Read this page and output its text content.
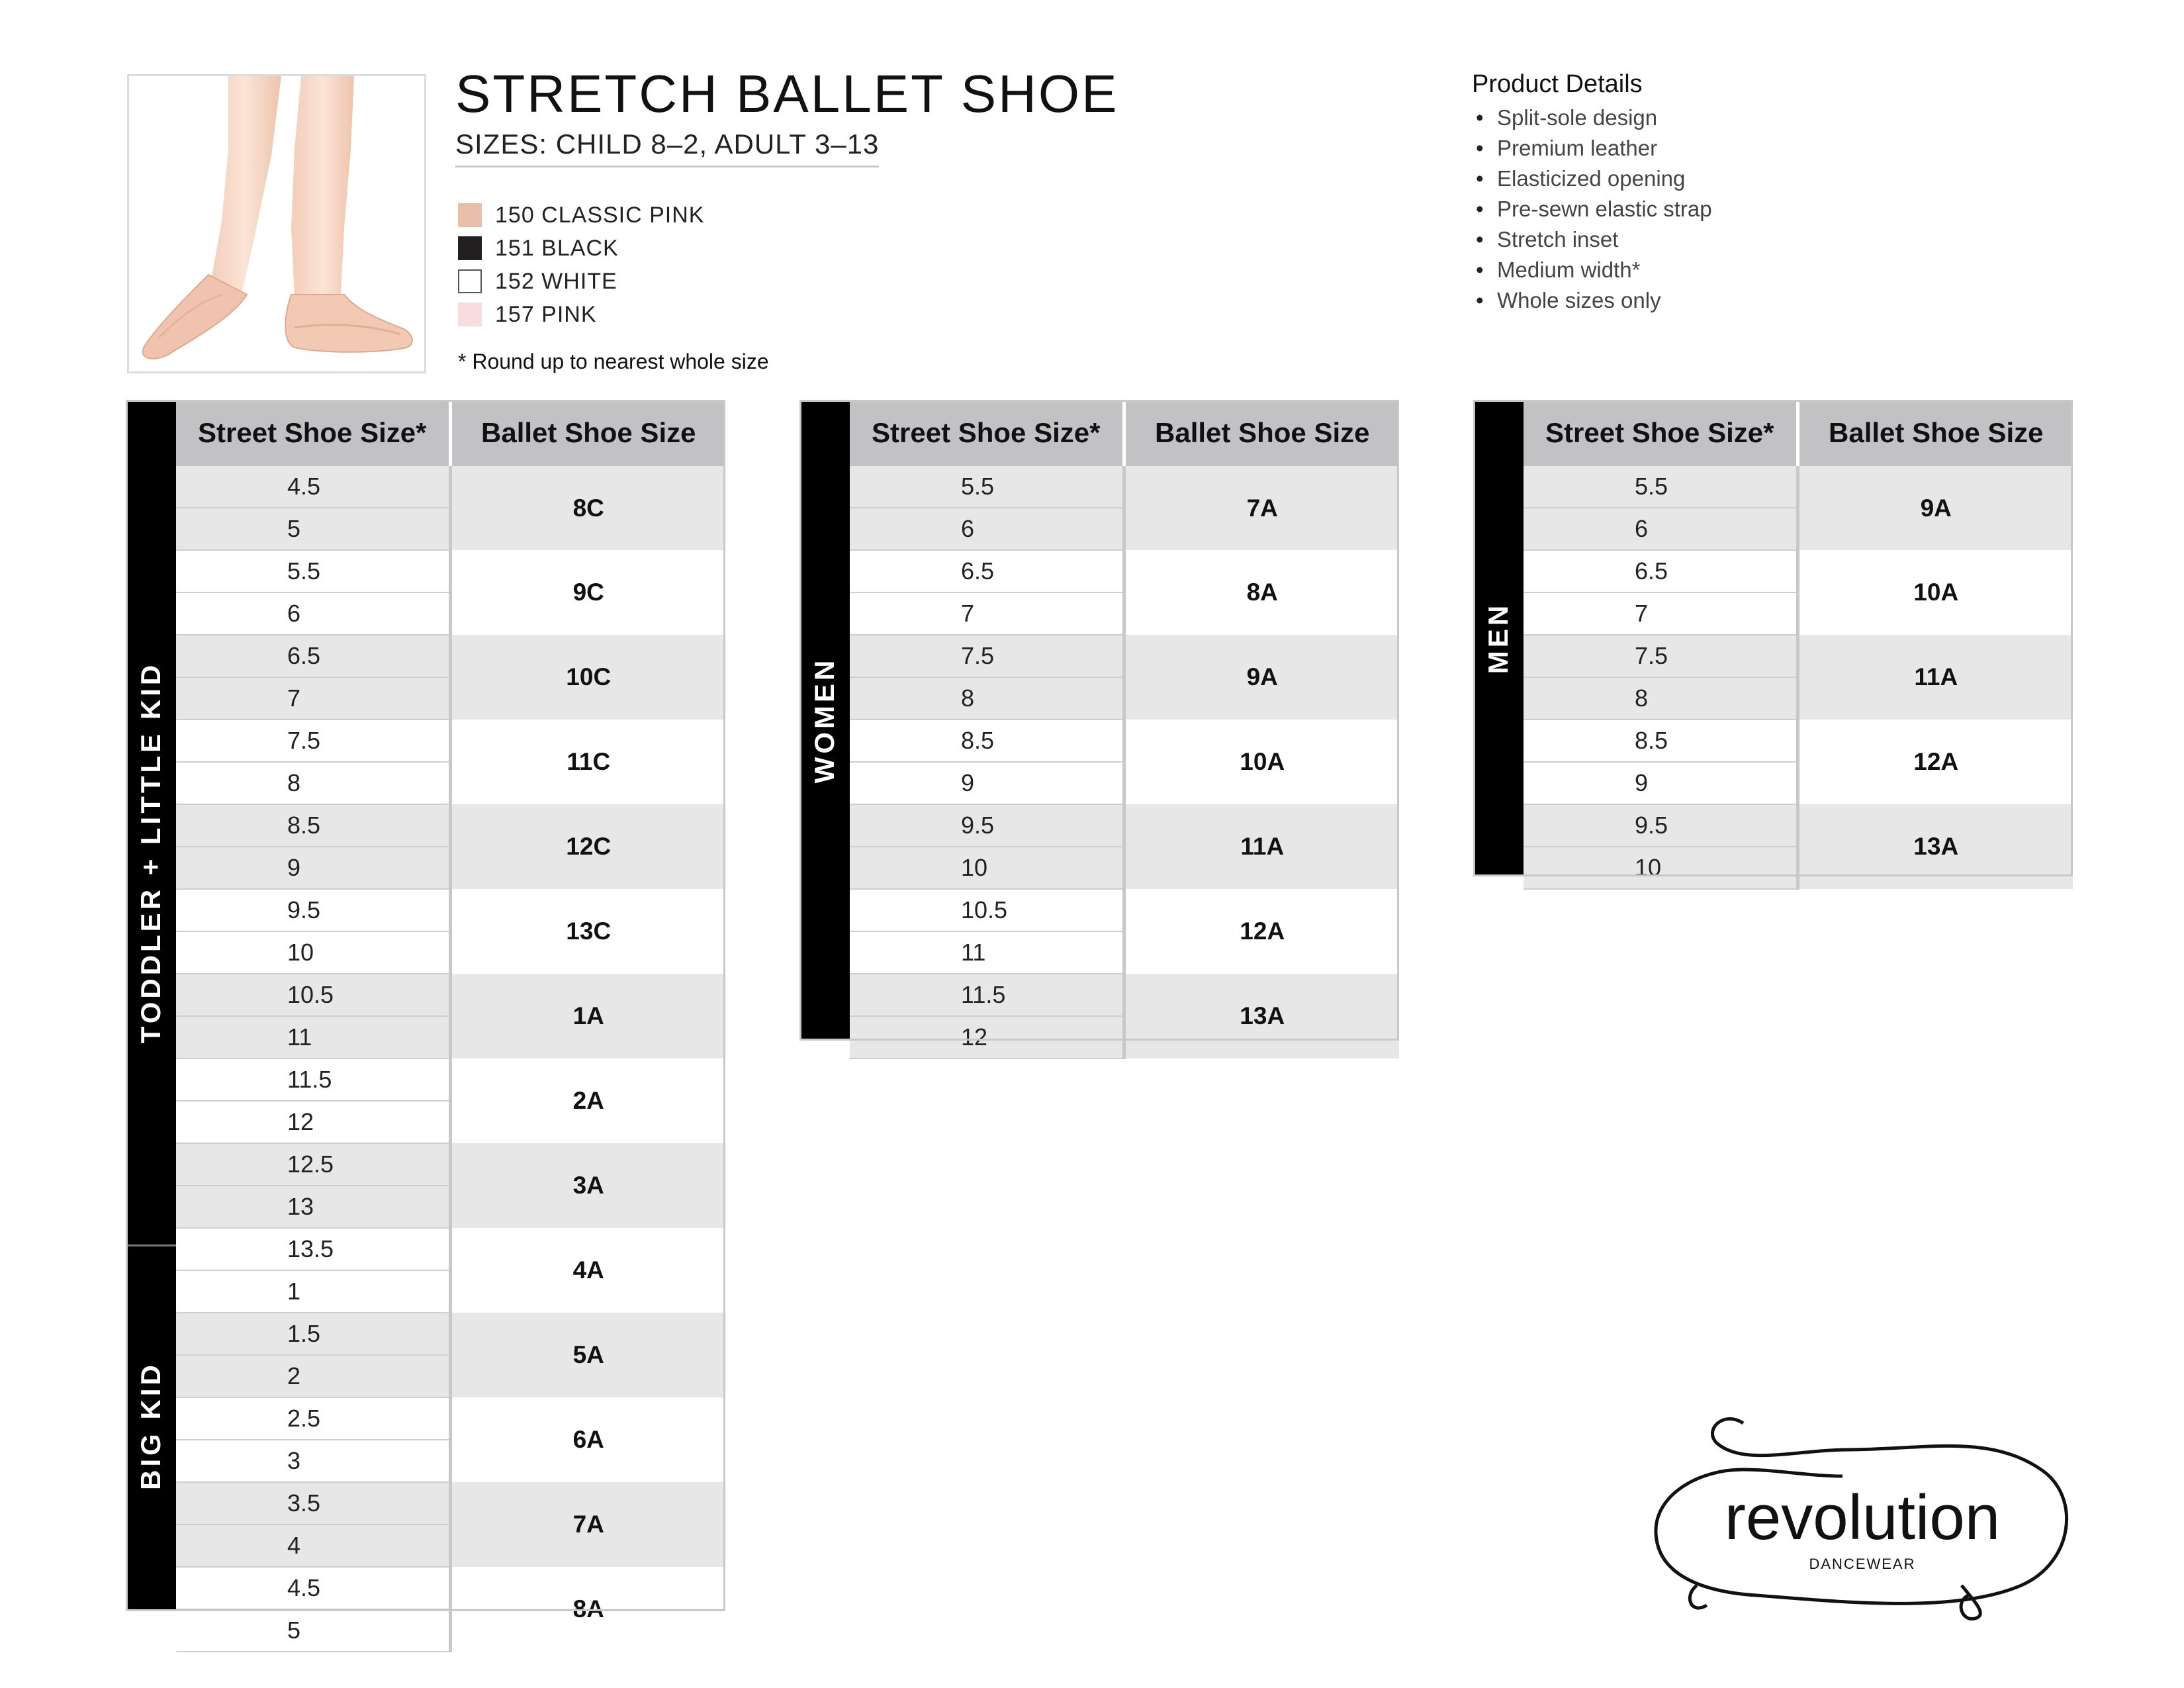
STRETCH BALLET SHOE
SIZES: CHILD 8–2, ADULT 3–13
150 CLASSIC PINK
151 BLACK
152 WHITE
157 PINK
* Round up to nearest whole size
Product Details
• Split-sole design
• Premium leather
• Elasticized opening
• Pre-sewn elastic strap
• Stretch inset
• Medium width*
• Whole sizes only
TODDLER + LITTLE KID
BIG KID
Street Shoe Size*	Ballet Shoe Size
4.5	8C
5	
5.5	9C
6	
6.5	10C
7	
7.5	11C
8	
8.5	12C
9	
9.5	13C
10	
10.5	1A
11	
11.5	2A
12	
12.5	3A
13	
13.5	4A
1	
1.5	5A
2	
2.5	6A
3	
3.5	7A
4	
4.5	8A
5	
WOMEN
Street Shoe Size*	Ballet Shoe Size
5.5	7A
6	
6.5	8A
7	
7.5	9A
8	
8.5	10A
9	
9.5	11A
10	
10.5	12A
11	
11.5	13A
12	
MEN
Street Shoe Size*	Ballet Shoe Size
5.5	9A
6	
6.5	10A
7	
7.5	11A
8	
8.5	12A
9	
9.5	13A
10	
revolution
DANCEWEAR
